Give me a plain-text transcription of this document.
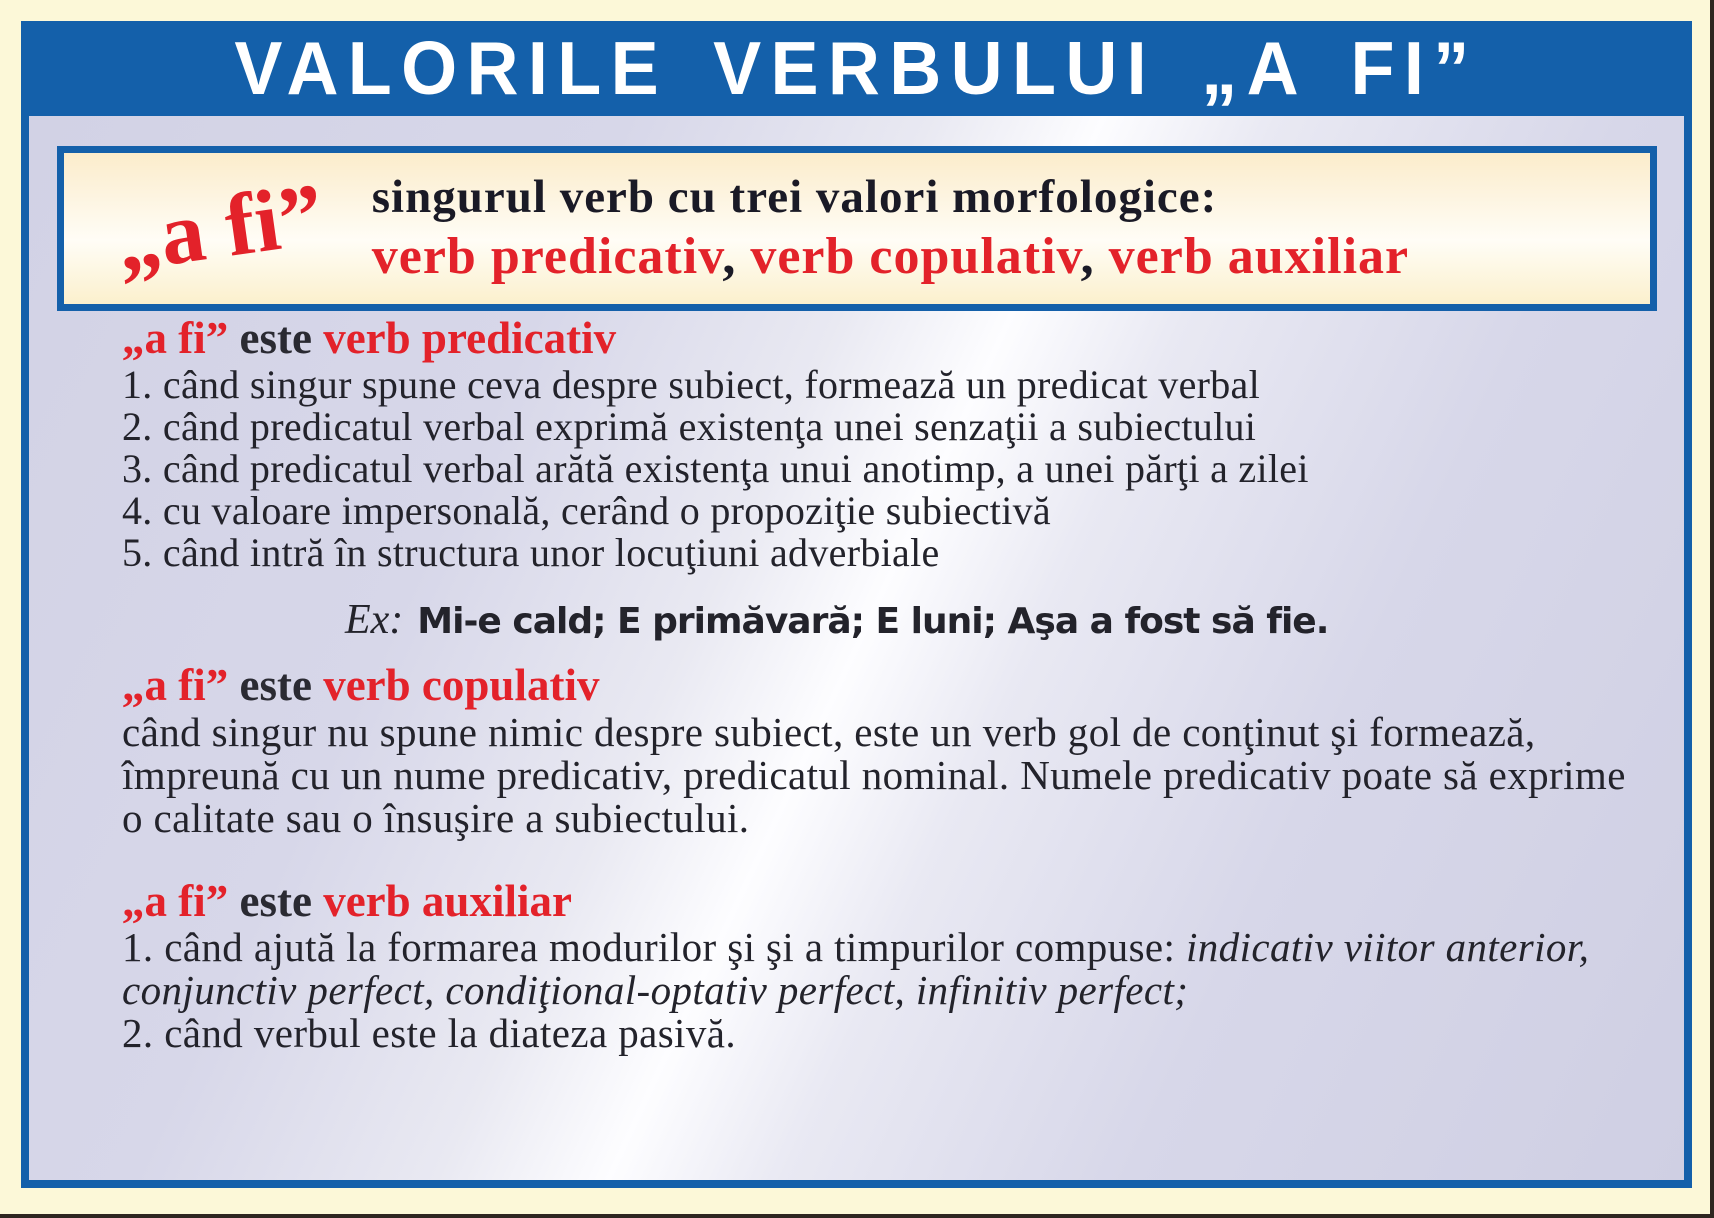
VALORILE VERBULUI „A FI”
„a fi” singurul verb cu trei valori morfologice:
verb predicativ, verb copulativ, verb auxiliar
„a fi” este verb predicativ
1. când singur spune ceva despre subiect, formează un predicat verbal
2. când predicatul verbal exprimă existenţa unei senzaţii a subiectului
3. când predicatul verbal arătă existenţa unui anotimp, a unei părţi a zilei
4. cu valoare impersonală, cerând o propoziţie subiectivă
5. când intră în structura unor locuţiuni adverbiale
Ex: Mi-e cald; E primăvară; E luni; Aşa a fost să fie.
„a fi” este verb copulativ
când singur nu spune nimic despre subiect, este un verb gol de conţinut şi formează, împreună cu un nume predicativ, predicatul nominal. Numele predicativ poate să exprime o calitate sau o însuşire a subiectului.
„a fi” este verb auxiliar
1. când ajută la formarea modurilor şi şi a timpurilor compuse: indicativ viitor anterior, conjunctiv perfect, condiţional-optativ perfect, infinitiv perfect;
2. când verbul este la diateza pasivă.
